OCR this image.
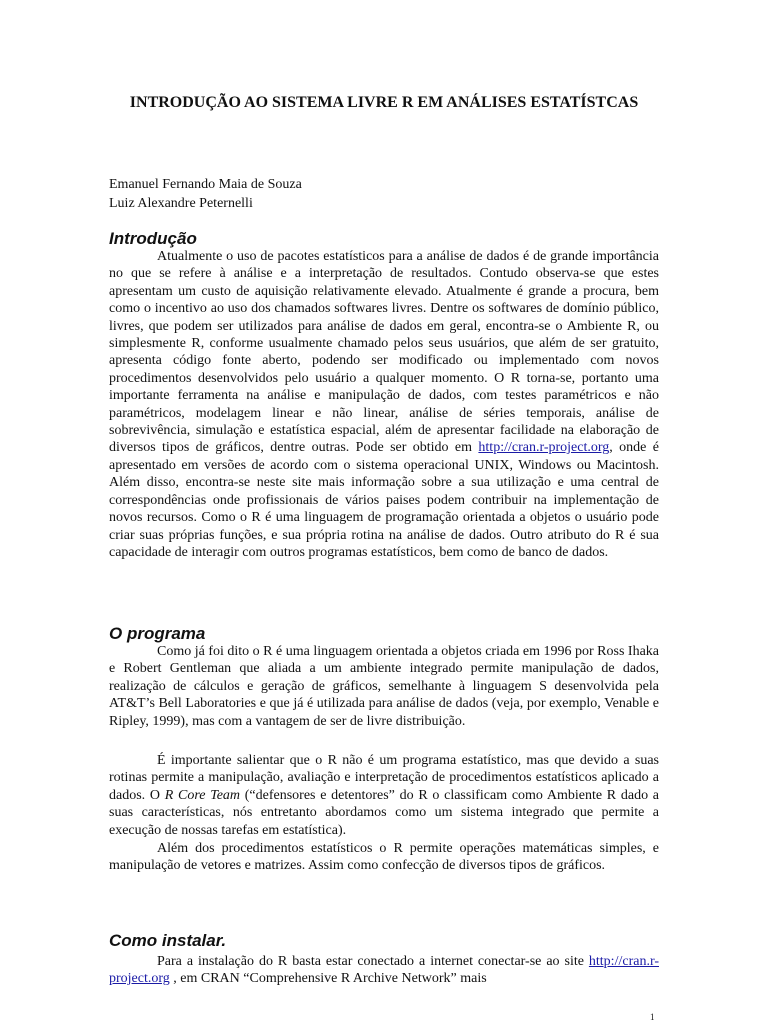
INTRODUÇÃO AO SISTEMA LIVRE R EM ANÁLISES ESTATÍSTCAS
Emanuel Fernando Maia de Souza
Luiz Alexandre Peternelli
Introdução

Atualmente o uso de pacotes estatísticos para a análise de dados é de grande importância no que se refere à análise e a interpretação de resultados. Contudo observa-se que estes apresentam um custo de aquisição relativamente elevado. Atualmente é grande a procura, bem como o incentivo ao uso dos chamados softwares livres. Dentre os softwares de domínio público, livres, que podem ser utilizados para análise de dados em geral, encontra-se o Ambiente R, ou simplesmente R, conforme usualmente chamado pelos seus usuários, que além de ser gratuito, apresenta código fonte aberto, podendo ser modificado ou implementado com novos procedimentos desenvolvidos pelo usuário a qualquer momento. O R torna-se, portanto uma importante ferramenta na análise e manipulação de dados, com testes paramétricos e não paramétricos, modelagem linear e não linear, análise de séries temporais, análise de sobrevivência, simulação e estatística espacial, além de apresentar facilidade na elaboração de diversos tipos de gráficos, dentre outras. Pode ser obtido em http://cran.r-project.org, onde é apresentado em versões de acordo com o sistema operacional UNIX, Windows ou Macintosh. Além disso, encontra-se neste site mais informação sobre a sua utilização e uma central de correspondências onde profissionais de vários paises podem contribuir na implementação de novos recursos. Como o R é uma linguagem de programação orientada a objetos o usuário pode criar suas próprias funções, e sua própria rotina na análise de dados. Outro atributo do R é sua capacidade de interagir com outros programas estatísticos, bem como de banco de dados.

O programa

Como já foi dito o R é uma linguagem orientada a objetos criada em 1996 por Ross Ihaka e Robert Gentleman que aliada a um ambiente integrado permite manipulação de dados, realização de cálculos e geração de gráficos, semelhante à linguagem S desenvolvida pela AT&T’s Bell Laboratories e que já é utilizada para análise de dados (veja, por exemplo, Venable e Ripley, 1999), mas com a vantagem de ser de livre distribuição.

É importante salientar que o R não é um programa estatístico, mas que devido a suas rotinas permite a manipulação, avaliação e interpretação de procedimentos estatísticos aplicado a dados. O R Core Team (“defensores e detentores” do R o classificam como Ambiente R dado a suas características, nós entretanto abordamos como um sistema integrado que permite a execução de nossas tarefas em estatística).

Além dos procedimentos estatísticos o R permite operações matemáticas simples, e manipulação de vetores e matrizes. Assim como confecção de diversos tipos de gráficos.

Como instalar.

Para a instalação do R basta estar conectado a internet conectar-se ao site http://cran.r-project.org , em CRAN “Comprehensive R Archive Network” mais

1
